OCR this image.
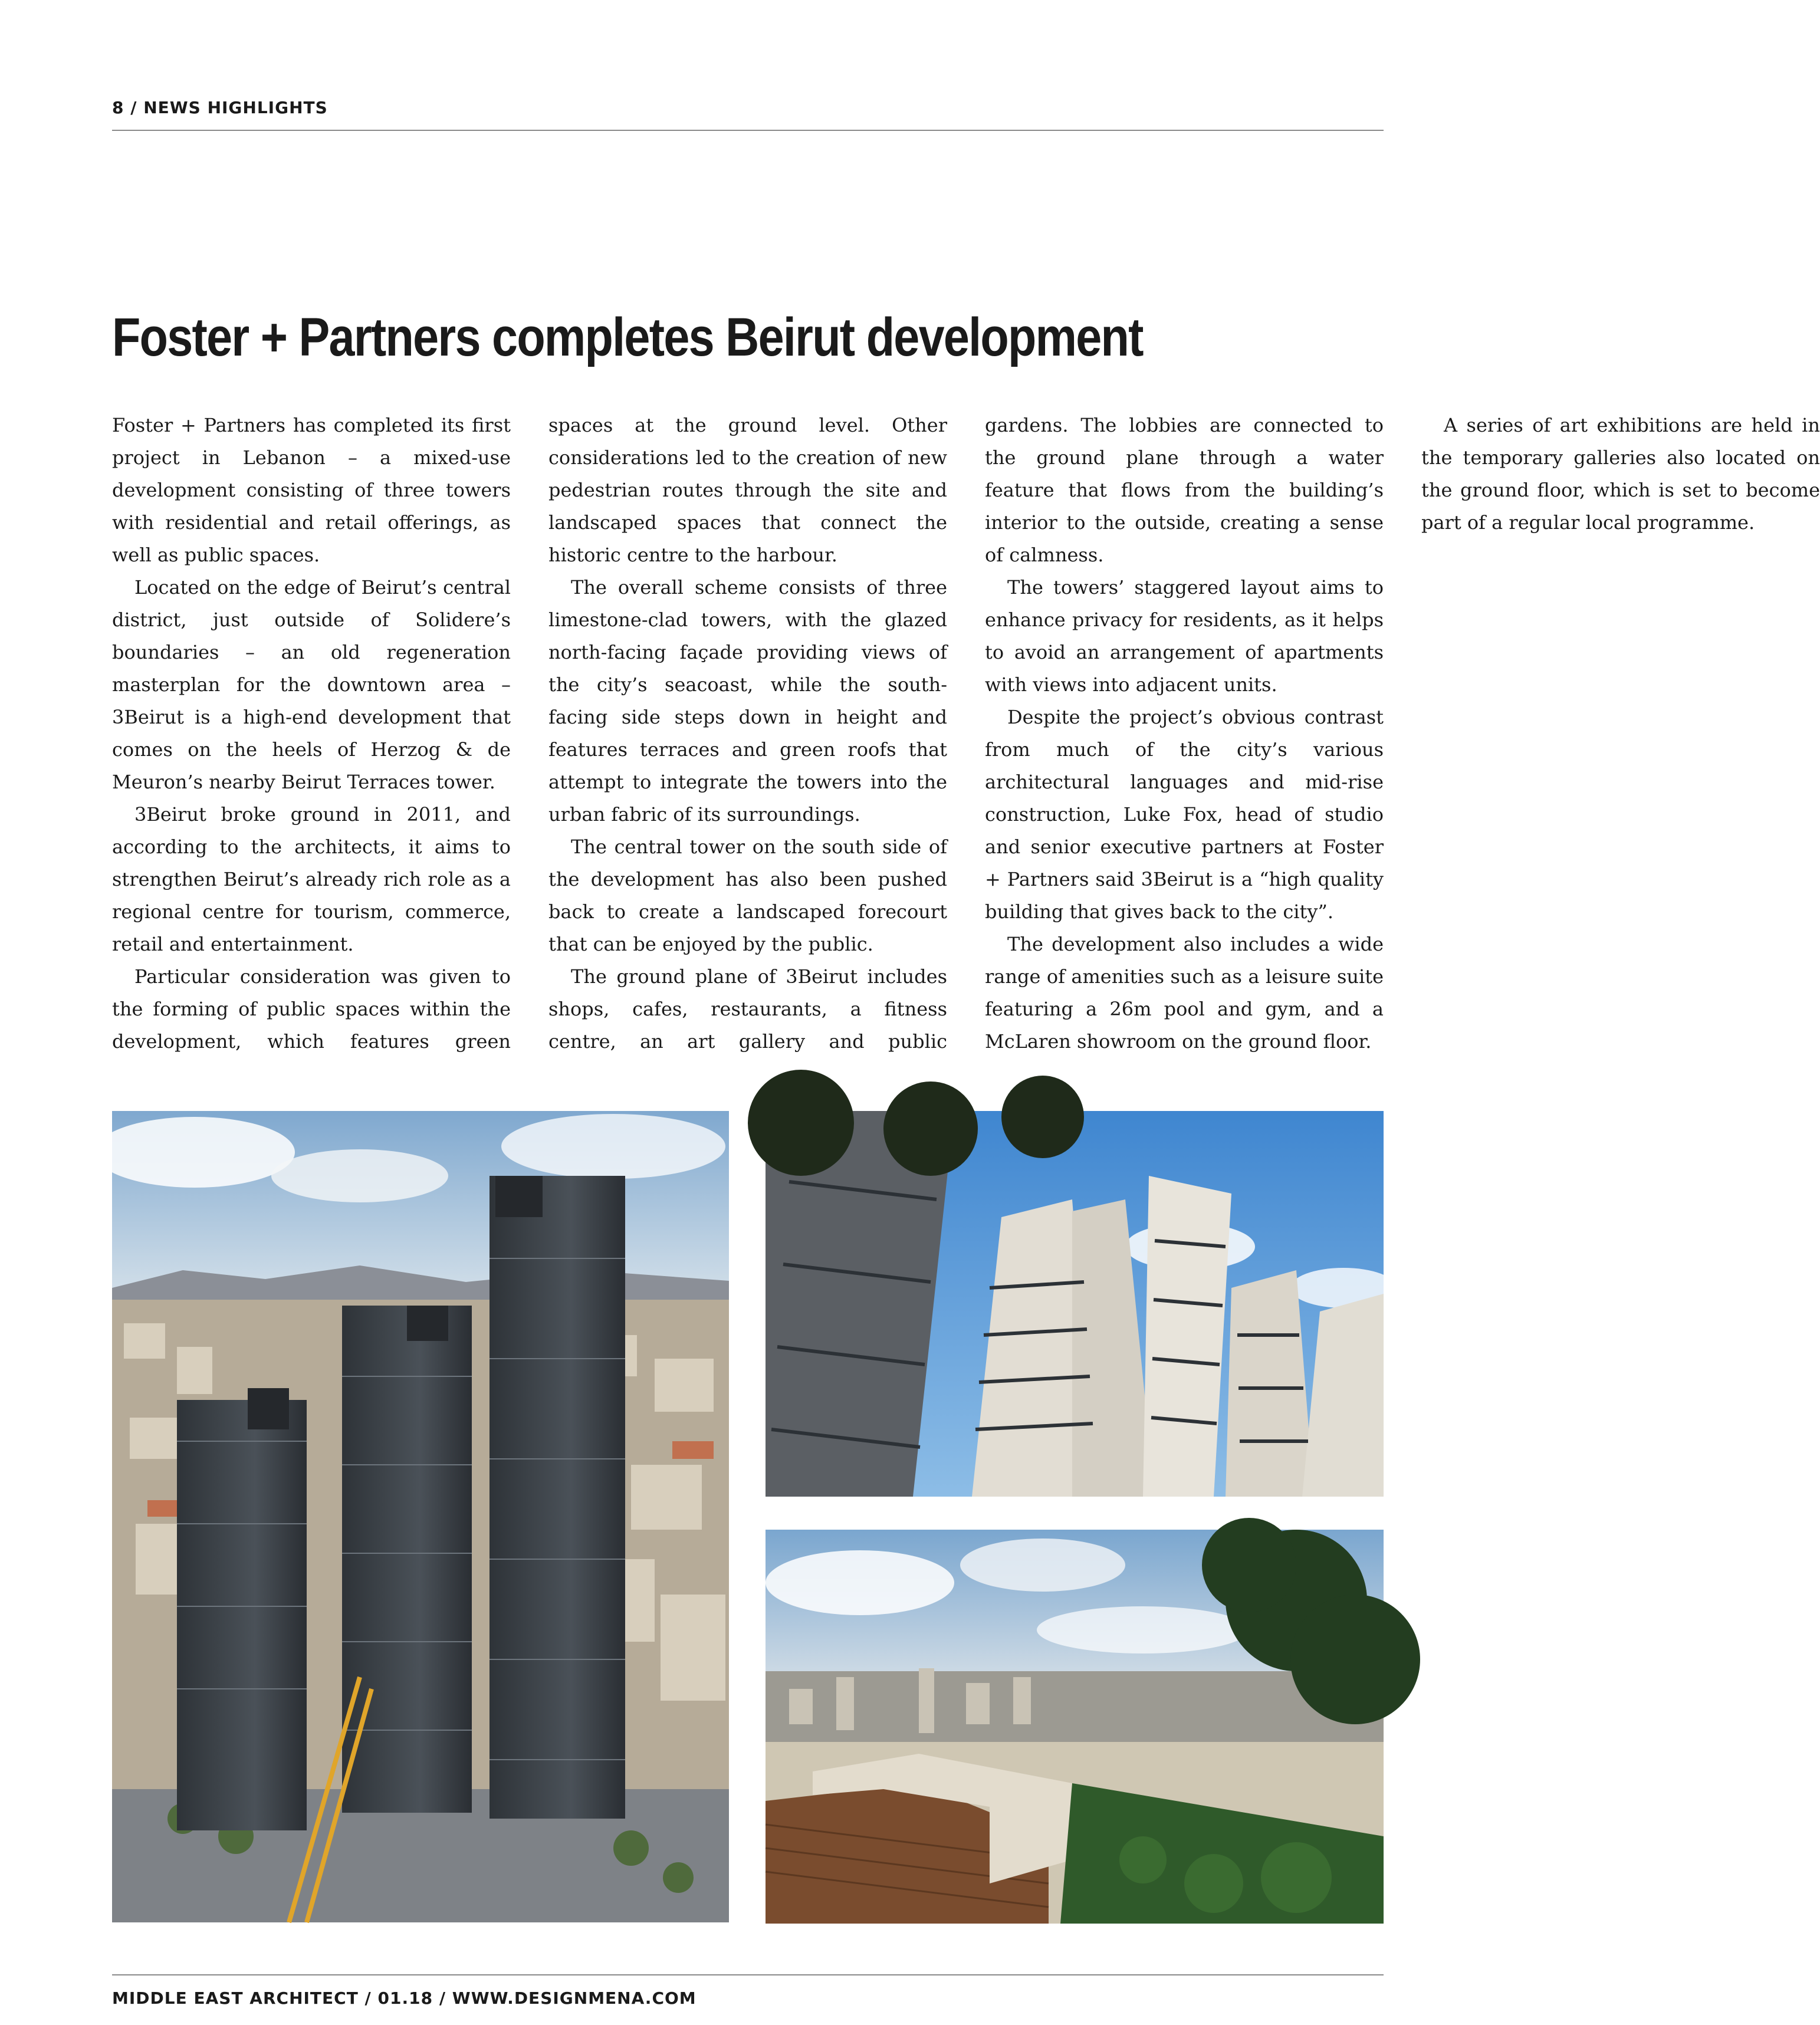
8 / NEWS HIGHLIGHTS
Foster + Partners completes Beirut development

Foster + Partners has completed its first project in Lebanon – a mixed-use development consisting of three towers with residential and retail offerings, as well as public spaces.

Located on the edge of Beirut’s central district, just outside of Solidere’s boundaries – an old regeneration masterplan for the downtown area – 3Beirut is a high-end development that comes on the heels of Herzog & de Meuron’s nearby Beirut Terraces tower.

3Beirut broke ground in 2011, and according to the architects, it aims to strengthen Beirut’s already rich role as a regional centre for tourism, commerce, retail and entertainment.

Particular consideration was given to the forming of public spaces within the development, which features green spaces at the ground level. Other considerations led to the creation of new pedestrian routes through the site and landscaped spaces that connect the historic centre to the harbour.

The overall scheme consists of three limestone-clad towers, with the glazed north-facing façade providing views of the city’s seacoast, while the south-facing side steps down in height and features terraces and green roofs that attempt to integrate the towers into the urban fabric of its surroundings.

The central tower on the south side of the development has also been pushed back to create a landscaped forecourt that can be enjoyed by the public.

The ground plane of 3Beirut includes shops, cafes, restaurants, a fitness centre, an art gallery and public gardens. The lobbies are connected to the ground plane through a water feature that flows from the building’s interior to the outside, creating a sense of calmness.

The towers’ staggered layout aims to enhance privacy for residents, as it helps to avoid an arrangement of apartments with views into adjacent units.

Despite the project’s obvious contrast from much of the city’s various architectural languages and mid-rise construction, Luke Fox, head of studio and senior executive partners at Foster + Partners said 3Beirut is a “high quality building that gives back to the city”.

The development also includes a wide range of amenities such as a leisure suite featuring a 26m pool and gym, and a McLaren showroom on the ground floor.

A series of art exhibitions are held in the temporary galleries also located on the ground floor, which is set to become part of a regular local programme.

MIDDLE EAST ARCHITECT / 01.18 / WWW.DESIGNMENA.COM
